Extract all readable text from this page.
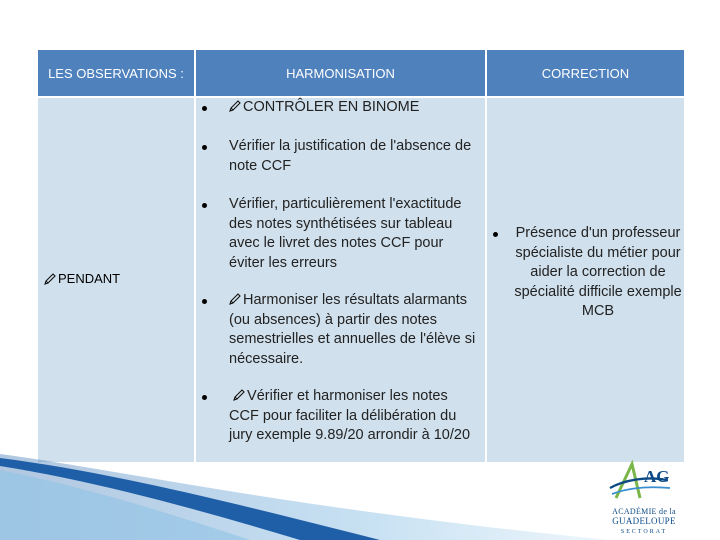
LES OBSERVATIONS :	HARMONISATION	CORRECTION
PENDANT
CONTRÔLER EN BINOME
Vérifier la justification de l'absence de note CCF
Vérifier, particulièrement l'exactitude des notes synthétisées sur tableau avec le livret des notes CCF pour éviter les erreurs
Harmoniser les résultats alarmants (ou absences) à partir des notes semestrielles et annuelles de l'élève si nécessaire.
Vérifier et harmoniser les notes CCF pour faciliter la délibération du jury exemple 9.89/20 arrondir à 10/20
Présence d'un professeur spécialiste du métier pour aider la correction de spécialité difficile exemple MCB
AG
ACADÉMIE de la
GUADELOUPE
SECTORAT
